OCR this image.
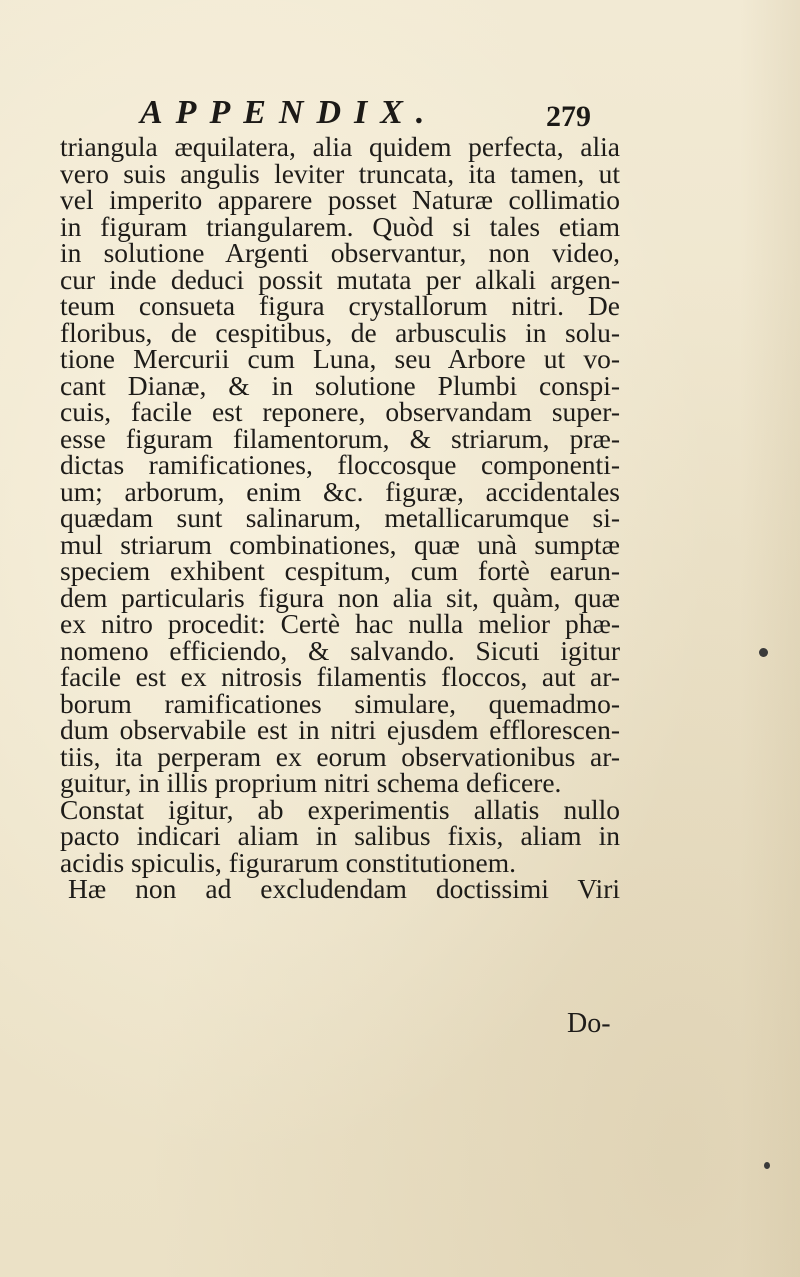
APPENDIX.	279
triangula æquilatera, alia quidem perfecta, alia
vero suis angulis leviter truncata, ita tamen, ut
vel imperito apparere posset Naturæ collimatio
in figuram triangularem. Quòd si tales etiam
in solutione Argenti observantur, non video,
cur inde deduci possit mutata per alkali argen-
teum consueta figura crystallorum nitri. De
floribus, de cespitibus, de arbusculis in solu-
tione Mercurii cum Luna, seu Arbore ut vo-
cant Dianæ, & in solutione Plumbi conspi-
cuis, facile est reponere, observandam super-
esse figuram filamentorum, & striarum, præ-
dictas ramificationes, floccosque componenti-
um; arborum, enim &c. figuræ, accidentales
quædam sunt salinarum, metallicarumque si-
mul striarum combinationes, quæ unà sumptæ
speciem exhibent cespitum, cum fortè earun-
dem particularis figura non alia sit, quàm, quæ
ex nitro procedit: Certè hac nulla melior phæ-
nomeno efficiendo, & salvando. Sicuti igitur
facile est ex nitrosis filamentis floccos, aut ar-
borum ramificationes simulare, quemadmo-
dum observabile est in nitri ejusdem efflorescen-
tiis, ita perperam ex eorum observationibus ar-
guitur, in illis proprium nitri schema deficere.
Constat igitur, ab experimentis allatis nullo
pacto indicari aliam in salibus fixis, aliam in
acidis spiculis, figurarum constitutionem.
Hæ non ad excludendam doctissimi Viri
Do-
